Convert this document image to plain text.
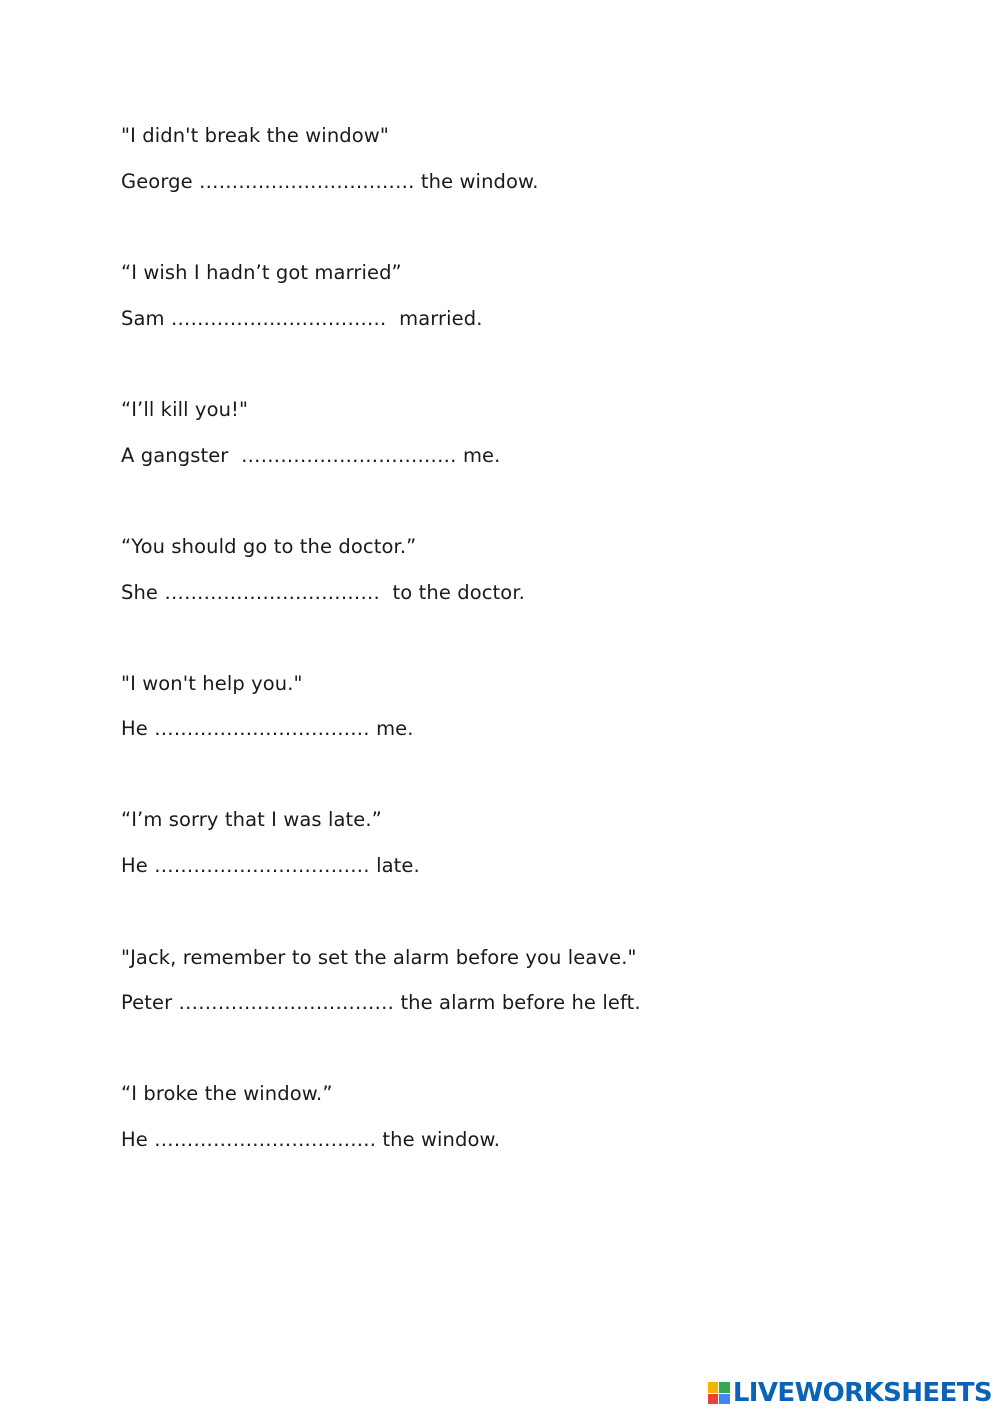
"I didn't break the window"
George …………………………… the window.
“I wish I hadn’t got married”
Sam ……………………………  married.
“I’ll kill you!"
A gangster  …………………………… me.
“You should go to the doctor.”
She ……………………………  to the doctor.
"I won't help you."
He …………………………… me.
“I’m sorry that I was late.”
He …………………………… late.
"Jack, remember to set the alarm before you leave."
Peter …………………………… the alarm before he left.
“I broke the window.”
He ……………………………. the window.
LIVEWORKSHEETS
